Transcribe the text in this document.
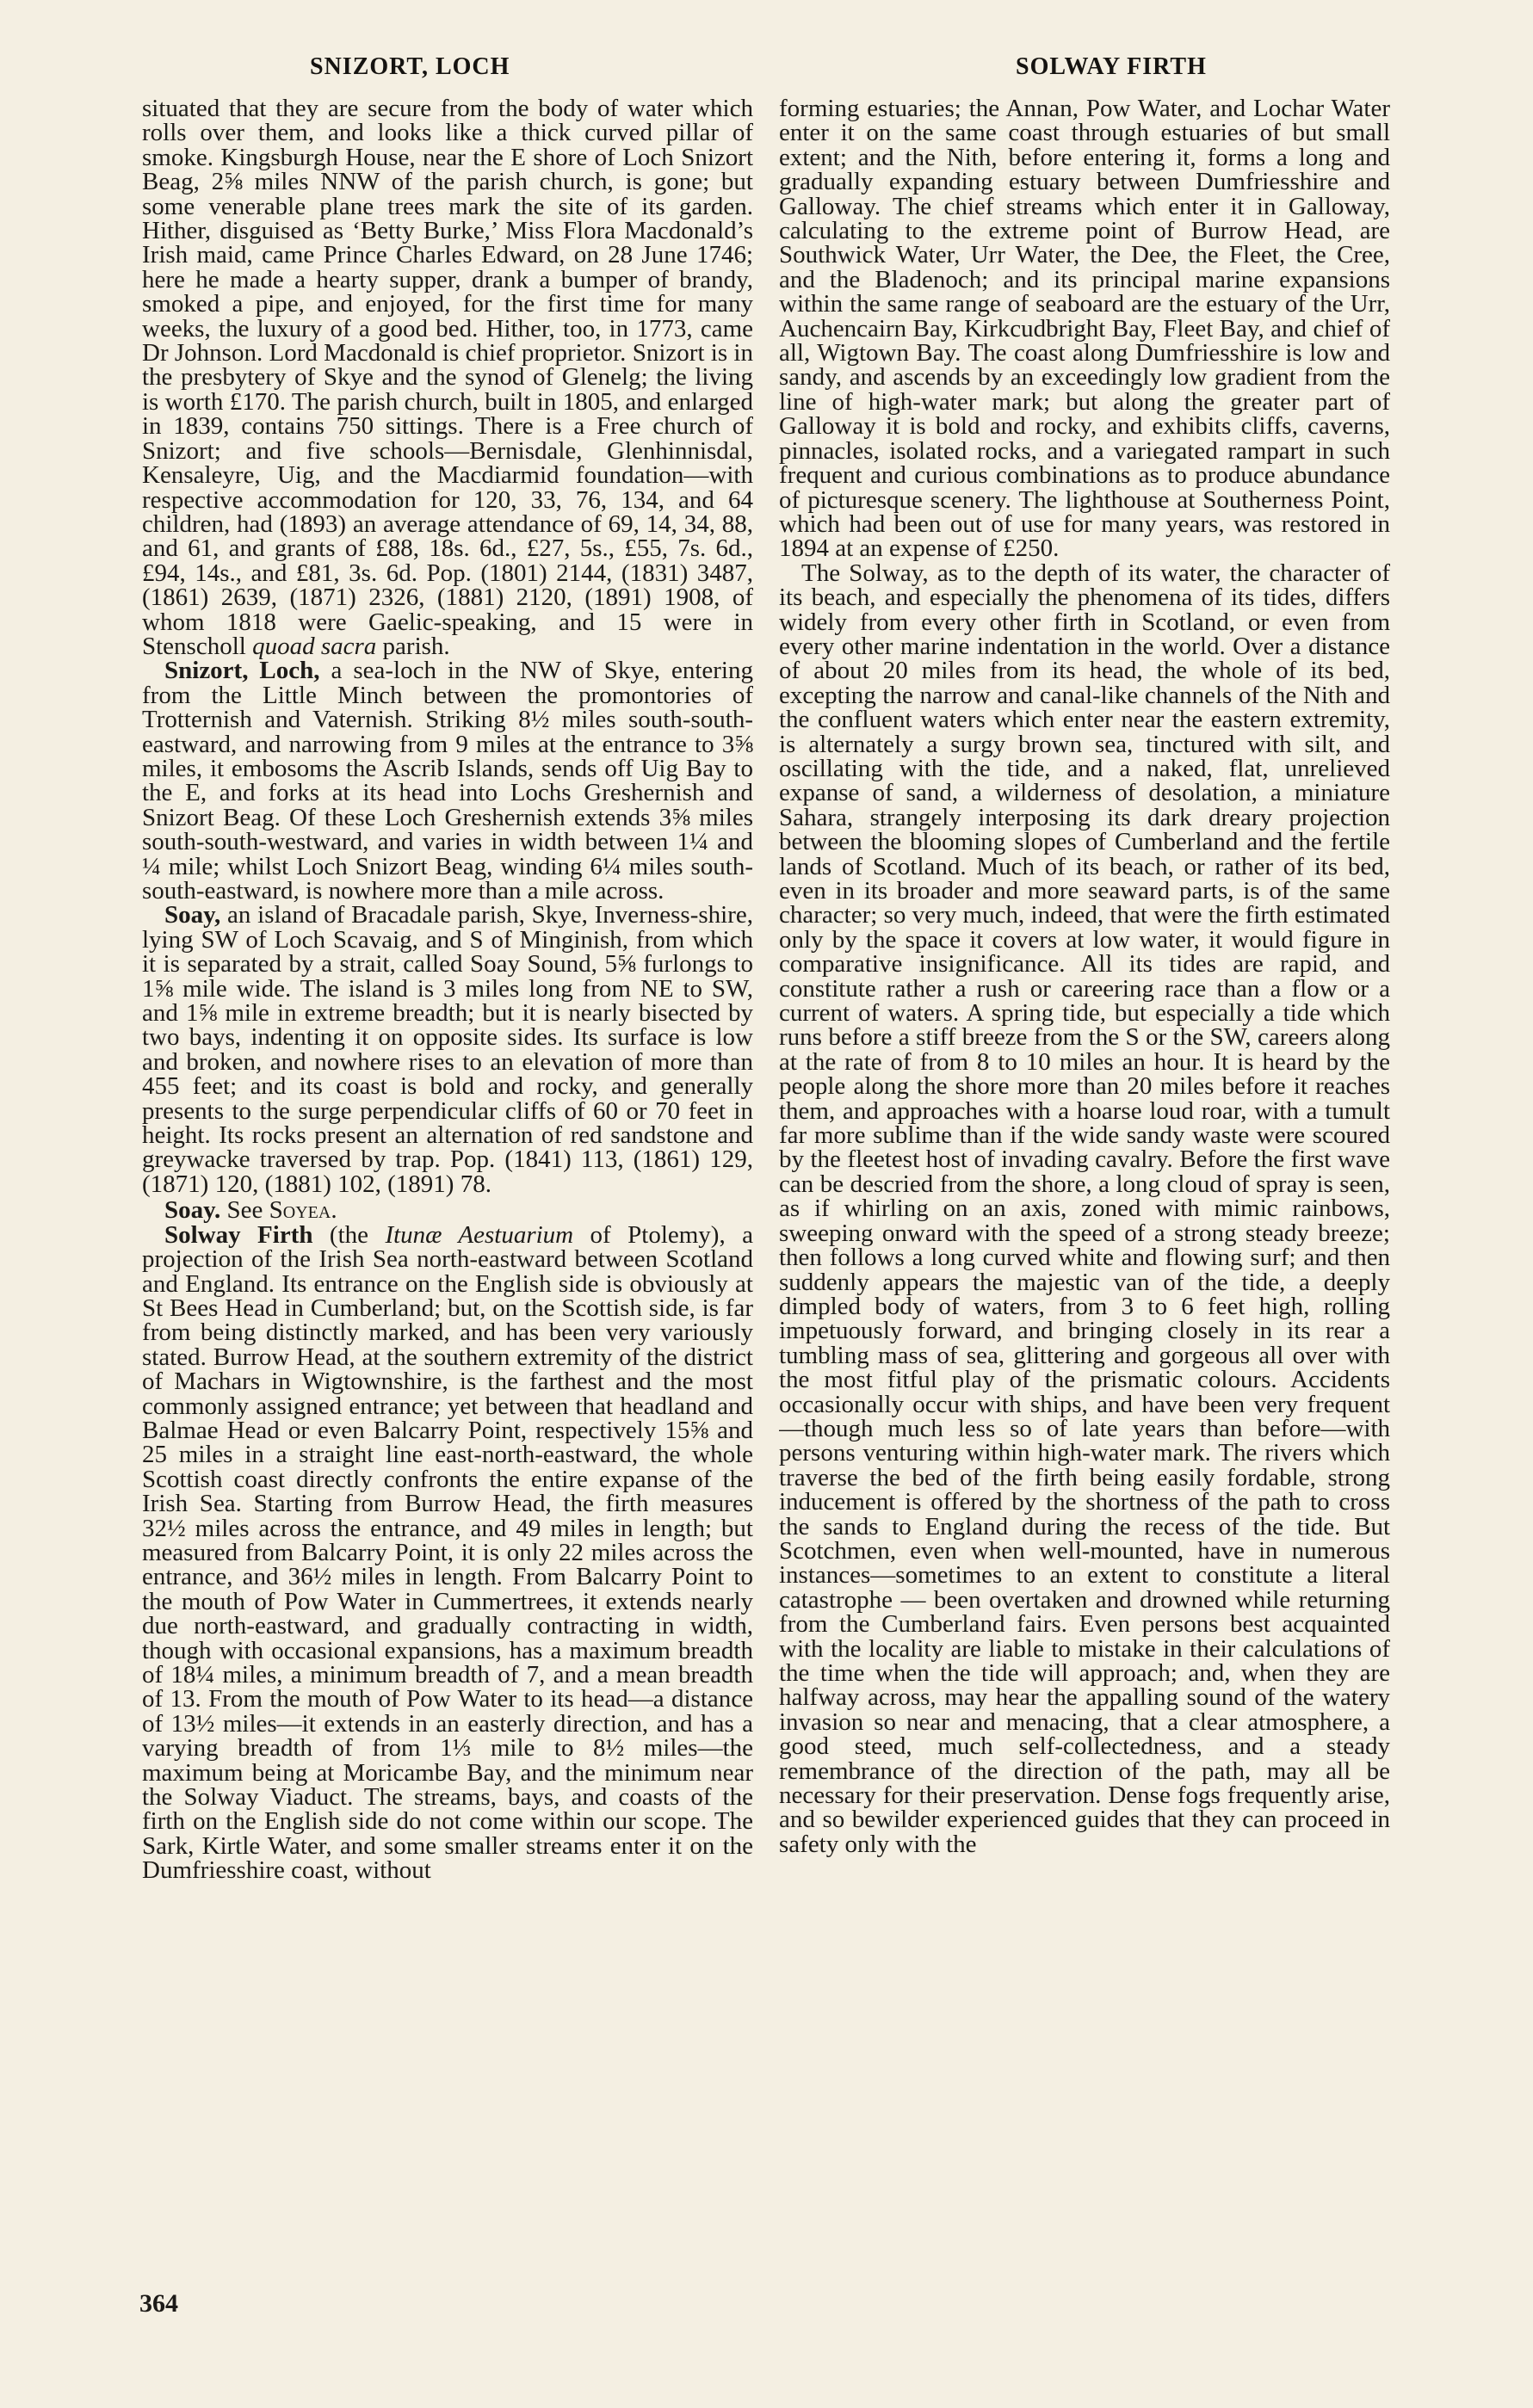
SNIZORT, LOCH	SOLWAY FIRTH

situated that they are secure from the body of water which rolls over them, and looks like a thick curved pillar of smoke. Kingsburgh House, near the E shore of Loch Snizort Beag, 2⅝ miles NNW of the parish church, is gone; but some venerable plane trees mark the site of its garden. Hither, disguised as ‘Betty Burke,’ Miss Flora Macdonald’s Irish maid, came Prince Charles Edward, on 28 June 1746; here he made a hearty supper, drank a bumper of brandy, smoked a pipe, and enjoyed, for the first time for many weeks, the luxury of a good bed. Hither, too, in 1773, came Dr Johnson. Lord Macdonald is chief proprietor. Snizort is in the presbytery of Skye and the synod of Glenelg; the living is worth £170. The parish church, built in 1805, and enlarged in 1839, contains 750 sittings. There is a Free church of Snizort; and five schools—Bernisdale, Glenhinnisdal, Kensaleyre, Uig, and the Macdiarmid foundation—with respective accommodation for 120, 33, 76, 134, and 64 children, had (1893) an average attendance of 69, 14, 34, 88, and 61, and grants of £88, 18s. 6d., £27, 5s., £55, 7s. 6d., £94, 14s., and £81, 3s. 6d. Pop. (1801) 2144, (1831) 3487, (1861) 2639, (1871) 2326, (1881) 2120, (1891) 1908, of whom 1818 were Gaelic-speaking, and 15 were in Stenscholl quoad sacra parish.

Snizort, Loch, a sea-loch in the NW of Skye, entering from the Little Minch between the promontories of Trotternish and Vaternish. Striking 8½ miles south-south-eastward, and narrowing from 9 miles at the entrance to 3⅝ miles, it embosoms the Ascrib Islands, sends off Uig Bay to the E, and forks at its head into Lochs Greshernish and Snizort Beag. Of these Loch Greshernish extends 3⅝ miles south-south-westward, and varies in width between 1¼ and ¼ mile; whilst Loch Snizort Beag, winding 6¼ miles south-south-eastward, is nowhere more than a mile across.

Soay, an island of Bracadale parish, Skye, Inverness-shire, lying SW of Loch Scavaig, and S of Minginish, from which it is separated by a strait, called Soay Sound, 5⅝ furlongs to 1⅝ mile wide. The island is 3 miles long from NE to SW, and 1⅝ mile in extreme breadth; but it is nearly bisected by two bays, indenting it on opposite sides. Its surface is low and broken, and nowhere rises to an elevation of more than 455 feet; and its coast is bold and rocky, and generally presents to the surge perpendicular cliffs of 60 or 70 feet in height. Its rocks present an alternation of red sandstone and greywacke traversed by trap. Pop. (1841) 113, (1861) 129, (1871) 120, (1881) 102, (1891) 78.

Soay. See Soyea.

Solway Firth (the Itunæ Aestuarium of Ptolemy), a projection of the Irish Sea north-eastward between Scotland and England. Its entrance on the English side is obviously at St Bees Head in Cumberland; but, on the Scottish side, is far from being distinctly marked, and has been very variously stated. Burrow Head, at the southern extremity of the district of Machars in Wigtownshire, is the farthest and the most commonly assigned entrance; yet between that headland and Balmae Head or even Balcarry Point, respectively 15⅝ and 25 miles in a straight line east-north-eastward, the whole Scottish coast directly confronts the entire expanse of the Irish Sea. Starting from Burrow Head, the firth measures 32½ miles across the entrance, and 49 miles in length; but measured from Balcarry Point, it is only 22 miles across the entrance, and 36½ miles in length. From Balcarry Point to the mouth of Pow Water in Cummertrees, it extends nearly due north-eastward, and gradually contracting in width, though with occasional expansions, has a maximum breadth of 18¼ miles, a minimum breadth of 7, and a mean breadth of 13. From the mouth of Pow Water to its head—a distance of 13½ miles—it extends in an easterly direction, and has a varying breadth of from 1⅓ mile to 8½ miles—the maximum being at Moricambe Bay, and the minimum near the Solway Viaduct. The streams, bays, and coasts of the firth on the English side do not come within our scope. The Sark, Kirtle Water, and some smaller streams enter it on the Dumfriesshire coast, without

forming estuaries; the Annan, Pow Water, and Lochar Water enter it on the same coast through estuaries of but small extent; and the Nith, before entering it, forms a long and gradually expanding estuary between Dumfriesshire and Galloway. The chief streams which enter it in Galloway, calculating to the extreme point of Burrow Head, are Southwick Water, Urr Water, the Dee, the Fleet, the Cree, and the Bladenoch; and its principal marine expansions within the same range of seaboard are the estuary of the Urr, Auchencairn Bay, Kirkcudbright Bay, Fleet Bay, and chief of all, Wigtown Bay. The coast along Dumfriesshire is low and sandy, and ascends by an exceedingly low gradient from the line of high-water mark; but along the greater part of Galloway it is bold and rocky, and exhibits cliffs, caverns, pinnacles, isolated rocks, and a variegated rampart in such frequent and curious combinations as to produce abundance of picturesque scenery. The lighthouse at Southerness Point, which had been out of use for many years, was restored in 1894 at an expense of £250.

The Solway, as to the depth of its water, the character of its beach, and especially the phenomena of its tides, differs widely from every other firth in Scotland, or even from every other marine indentation in the world. Over a distance of about 20 miles from its head, the whole of its bed, excepting the narrow and canal-like channels of the Nith and the confluent waters which enter near the eastern extremity, is alternately a surgy brown sea, tinctured with silt, and oscillating with the tide, and a naked, flat, unrelieved expanse of sand, a wilderness of desolation, a miniature Sahara, strangely interposing its dark dreary projection between the blooming slopes of Cumberland and the fertile lands of Scotland. Much of its beach, or rather of its bed, even in its broader and more seaward parts, is of the same character; so very much, indeed, that were the firth estimated only by the space it covers at low water, it would figure in comparative insignificance. All its tides are rapid, and constitute rather a rush or careering race than a flow or a current of waters. A spring tide, but especially a tide which runs before a stiff breeze from the S or the SW, careers along at the rate of from 8 to 10 miles an hour. It is heard by the people along the shore more than 20 miles before it reaches them, and approaches with a hoarse loud roar, with a tumult far more sublime than if the wide sandy waste were scoured by the fleetest host of invading cavalry. Before the first wave can be descried from the shore, a long cloud of spray is seen, as if whirling on an axis, zoned with mimic rainbows, sweeping onward with the speed of a strong steady breeze; then follows a long curved white and flowing surf; and then suddenly appears the majestic van of the tide, a deeply dimpled body of waters, from 3 to 6 feet high, rolling impetuously forward, and bringing closely in its rear a tumbling mass of sea, glittering and gorgeous all over with the most fitful play of the prismatic colours. Accidents occasionally occur with ships, and have been very frequent—though much less so of late years than before—with persons venturing within high-water mark. The rivers which traverse the bed of the firth being easily fordable, strong inducement is offered by the shortness of the path to cross the sands to England during the recess of the tide. But Scotchmen, even when well-mounted, have in numerous instances—sometimes to an extent to constitute a literal catastrophe — been overtaken and drowned while returning from the Cumberland fairs. Even persons best acquainted with the locality are liable to mistake in their calculations of the time when the tide will approach; and, when they are halfway across, may hear the appalling sound of the watery invasion so near and menacing, that a clear atmosphere, a good steed, much self-collectedness, and a steady remembrance of the direction of the path, may all be necessary for their preservation. Dense fogs frequently arise, and so bewilder experienced guides that they can proceed in safety only with the

364
